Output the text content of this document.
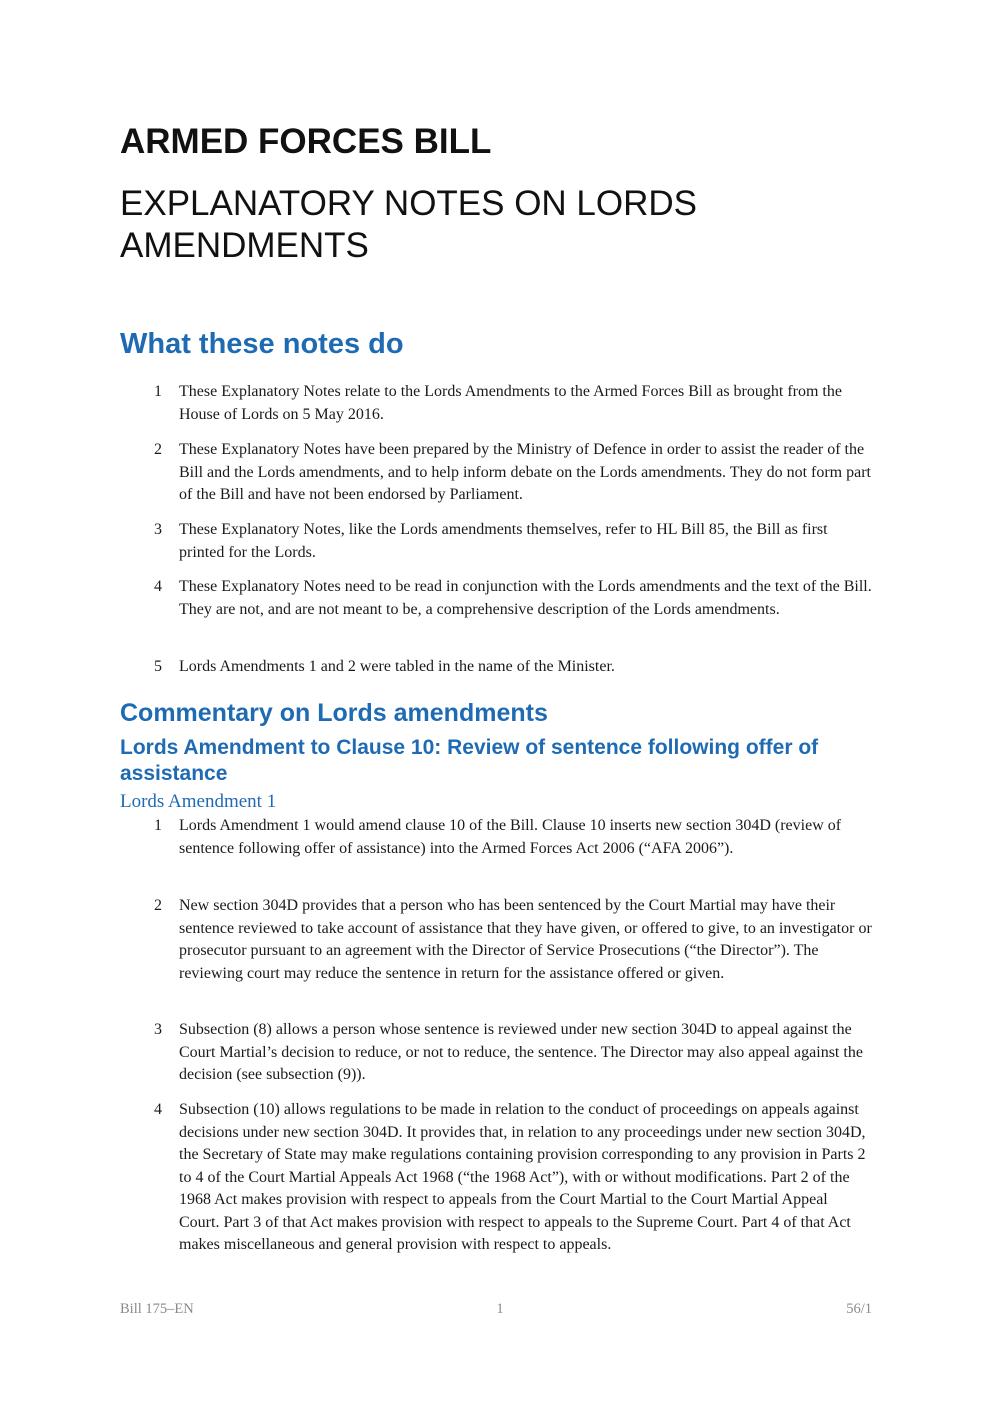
ARMED FORCES BILL
EXPLANATORY NOTES ON LORDS AMENDMENTS
What these notes do
1 These Explanatory Notes relate to the Lords Amendments to the Armed Forces Bill as brought from the House of Lords on 5 May 2016.
2 These Explanatory Notes have been prepared by the Ministry of Defence in order to assist the reader of the Bill and the Lords amendments, and to help inform debate on the Lords amendments. They do not form part of the Bill and have not been endorsed by Parliament.
3 These Explanatory Notes, like the Lords amendments themselves, refer to HL Bill 85, the Bill as first printed for the Lords.
4 These Explanatory Notes need to be read in conjunction with the Lords amendments and the text of the Bill. They are not, and are not meant to be, a comprehensive description of the Lords amendments.
5 Lords Amendments 1 and 2 were tabled in the name of the Minister.
Commentary on Lords amendments
Lords Amendment to Clause 10: Review of sentence following offer of assistance
Lords Amendment 1
1 Lords Amendment 1 would amend clause 10 of the Bill. Clause 10 inserts new section 304D (review of sentence following offer of assistance) into the Armed Forces Act 2006 (“AFA 2006”).
2 New section 304D provides that a person who has been sentenced by the Court Martial may have their sentence reviewed to take account of assistance that they have given, or offered to give, to an investigator or prosecutor pursuant to an agreement with the Director of Service Prosecutions (“the Director”). The reviewing court may reduce the sentence in return for the assistance offered or given.
3 Subsection (8) allows a person whose sentence is reviewed under new section 304D to appeal against the Court Martial’s decision to reduce, or not to reduce, the sentence. The Director may also appeal against the decision (see subsection (9)).
4 Subsection (10) allows regulations to be made in relation to the conduct of proceedings on appeals against decisions under new section 304D. It provides that, in relation to any proceedings under new section 304D, the Secretary of State may make regulations containing provision corresponding to any provision in Parts 2 to 4 of the Court Martial Appeals Act 1968 (“the 1968 Act”), with or without modifications. Part 2 of the 1968 Act makes provision with respect to appeals from the Court Martial to the Court Martial Appeal Court. Part 3 of that Act makes provision with respect to appeals to the Supreme Court. Part 4 of that Act makes miscellaneous and general provision with respect to appeals.
Bill 175–EN	1	56/1
